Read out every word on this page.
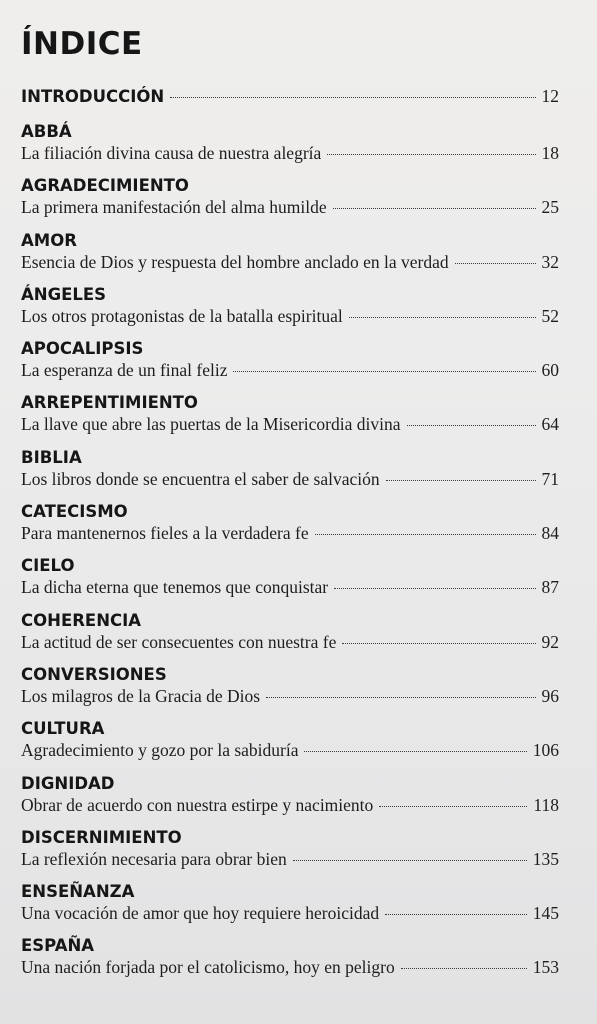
ÍNDICE
INTRODUCCIÓN	12
ABBÁ
La filiación divina causa de nuestra alegría	18
AGRADECIMIENTO
La primera manifestación del alma humilde	25
AMOR
Esencia de Dios y respuesta del hombre anclado en la verdad	32
ÁNGELES
Los otros protagonistas de la batalla espiritual	52
APOCALIPSIS
La esperanza de un final feliz	60
ARREPENTIMIENTO
La llave que abre las puertas de la Misericordia divina	64
BIBLIA
Los libros donde se encuentra el saber de salvación	71
CATECISMO
Para mantenernos fieles a la verdadera fe	84
CIELO
La dicha eterna que tenemos que conquistar	87
COHERENCIA
La actitud de ser consecuentes con nuestra fe	92
CONVERSIONES
Los milagros de la Gracia de Dios	96
CULTURA
Agradecimiento y gozo por la sabiduría	106
DIGNIDAD
Obrar de acuerdo con nuestra estirpe y nacimiento	118
DISCERNIMIENTO
La reflexión necesaria para obrar bien	135
ENSEÑANZA
Una vocación de amor que hoy requiere heroicidad	145
ESPAÑA
Una nación forjada por el catolicismo, hoy en peligro	153
